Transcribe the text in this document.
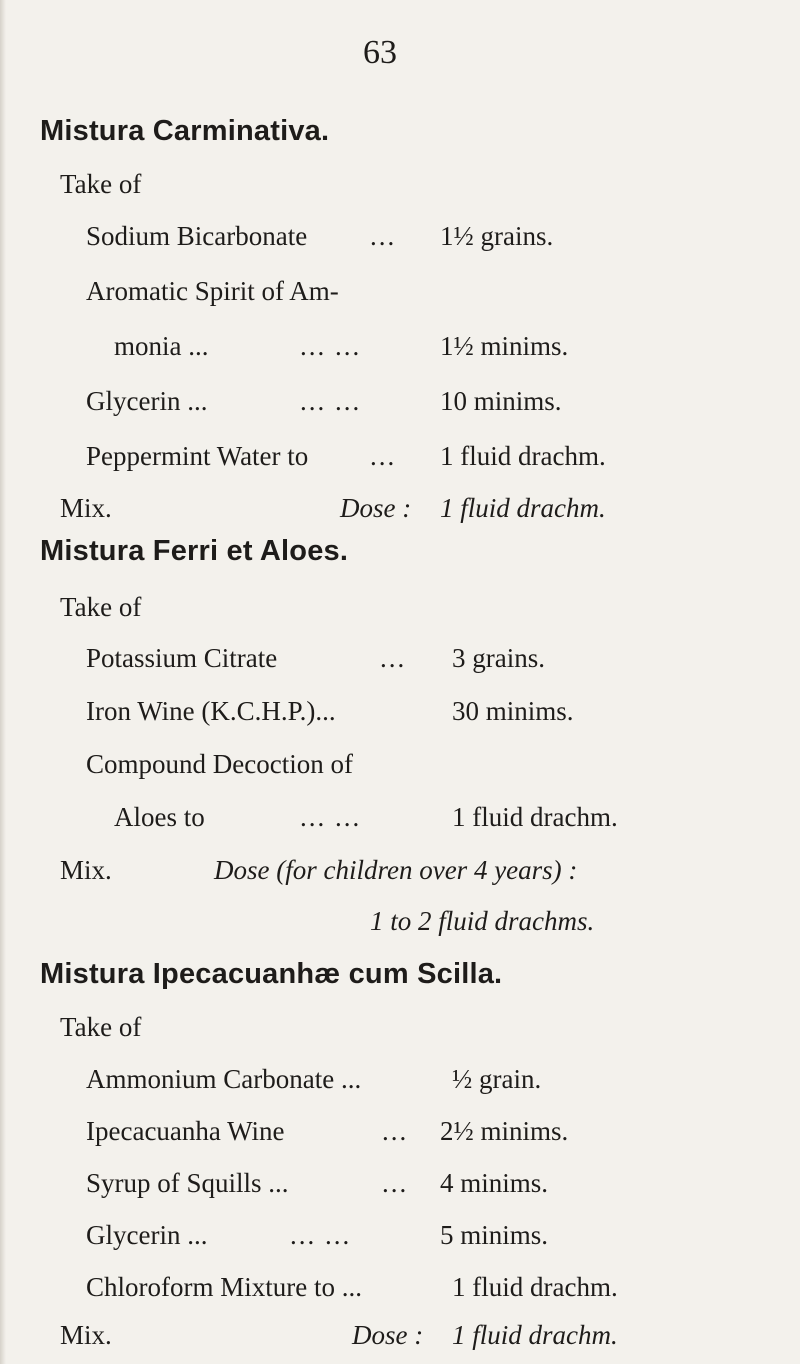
63
Mistura Carminativa.
Take of
Sodium Bicarbonate ... 1½ grains.
Aromatic Spirit of Am-
monia ...	... ...	1½ minims.
Glycerin ...	... ...	10 minims.
Peppermint Water to ... 1 fluid drachm.
Mix.	Dose : 1 fluid drachm.
Mistura Ferri et Aloes.
Take of
Potassium Citrate	... 3 grains.
Iron Wine (K.C.H.P.)...	30 minims.
Compound Decoction of
Aloes to	... ...	1 fluid drachm.
Mix.	Dose (for children over 4 years) :
1 to 2 fluid drachms.
Mistura Ipecacuanhæ cum Scilla.
Take of
Ammonium Carbonate ...	½ grain.
Ipecacuanha Wine	... 2½ minims.
Syrup of Squills ...	... 4 minims.
Glycerin ...	... ...	5 minims.
Chloroform Mixture to ...	1 fluid drachm.
Mix.	Dose : 1 fluid drachm.
